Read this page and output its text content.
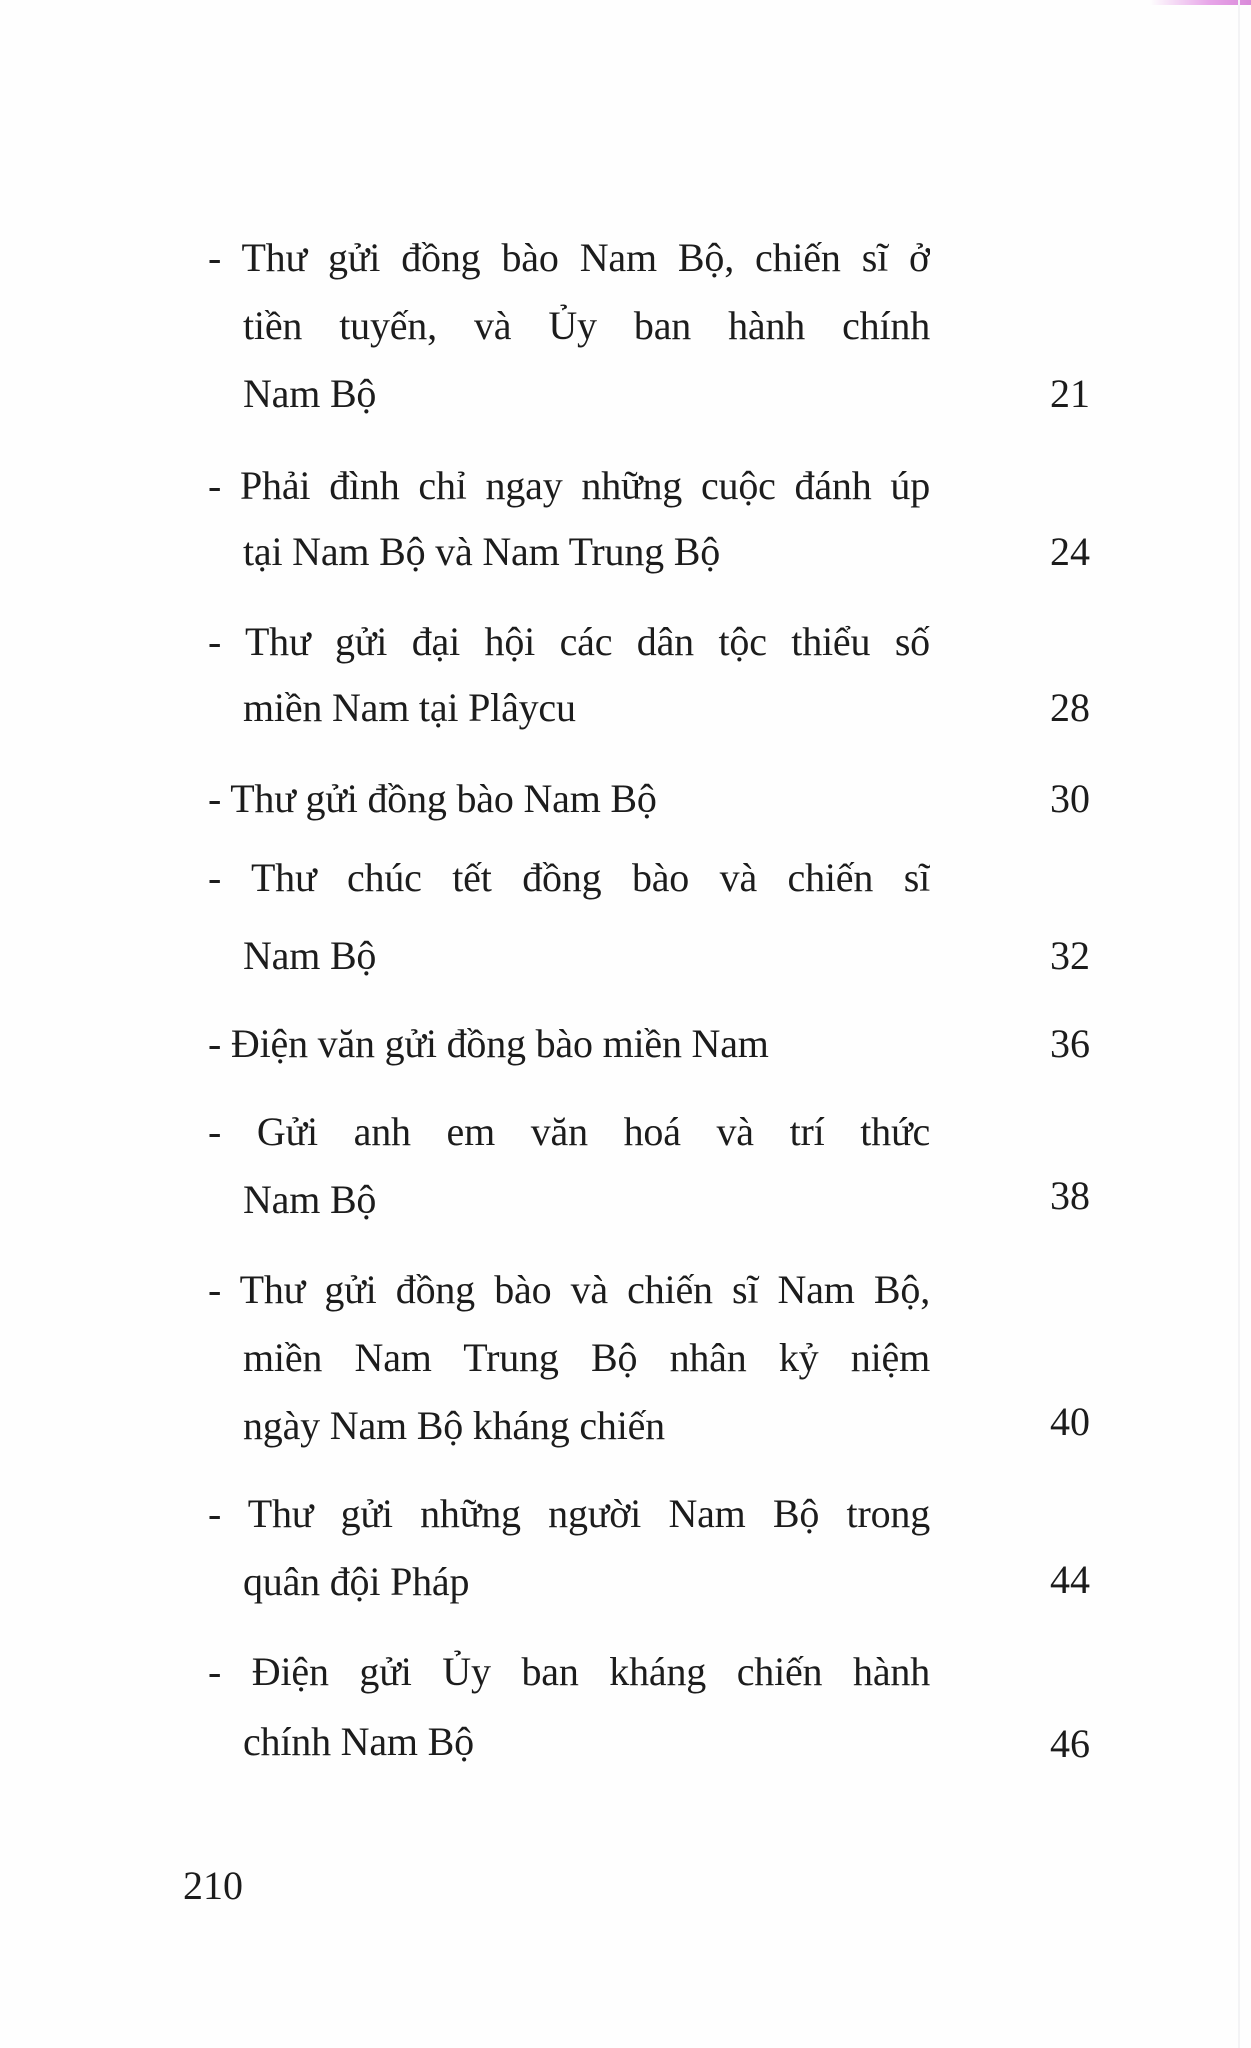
- Thư gửi đồng bào Nam Bộ, chiến sĩ ở
tiền tuyến, và Ủy ban hành chính
Nam Bộ	21
- Phải đình chỉ ngay những cuộc đánh úp
tại Nam Bộ và Nam Trung Bộ	24
- Thư gửi đại hội các dân tộc thiểu số
miền Nam tại Plâycu	28
- Thư gửi đồng bào Nam Bộ	30
- Thư chúc tết đồng bào và chiến sĩ
Nam Bộ	32
- Điện văn gửi đồng bào miền Nam	36
- Gửi anh em văn hoá và trí thức
Nam Bộ	38
- Thư gửi đồng bào và chiến sĩ Nam Bộ,
miền Nam Trung Bộ nhân kỷ niệm
ngày Nam Bộ kháng chiến	40
- Thư gửi những người Nam Bộ trong
quân đội Pháp	44
- Điện gửi Ủy ban kháng chiến hành
chính Nam Bộ	46
210
